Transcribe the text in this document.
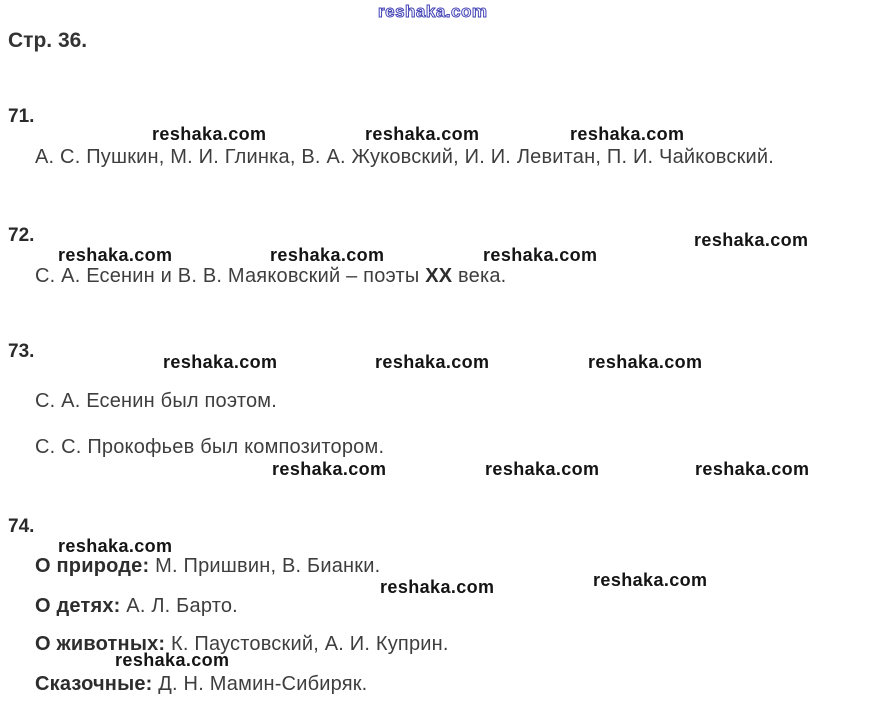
reshaka.com
Стр. 36.
71.
reshaka.com	reshaka.com	reshaka.com
А. С. Пушкин, М. И. Глинка, В. А. Жуковский, И. И. Левитан, П. И. Чайковский.
72.	reshaka.com
reshaka.com	reshaka.com	reshaka.com
С. А. Есенин и В. В. Маяковский – поэты ХХ века.
73.	reshaka.com	reshaka.com	reshaka.com
С. А. Есенин был поэтом.
С. С. Прокофьев был композитором.
reshaka.com	reshaka.com	reshaka.com
74.
reshaka.com
О природе: М. Пришвин, В. Бианки.
reshaka.com	reshaka.com
О детях: А. Л. Барто.
О животных: К. Паустовский, А. И. Куприн.
reshaka.com
Сказочные: Д. Н. Мамин-Сибиряк.
